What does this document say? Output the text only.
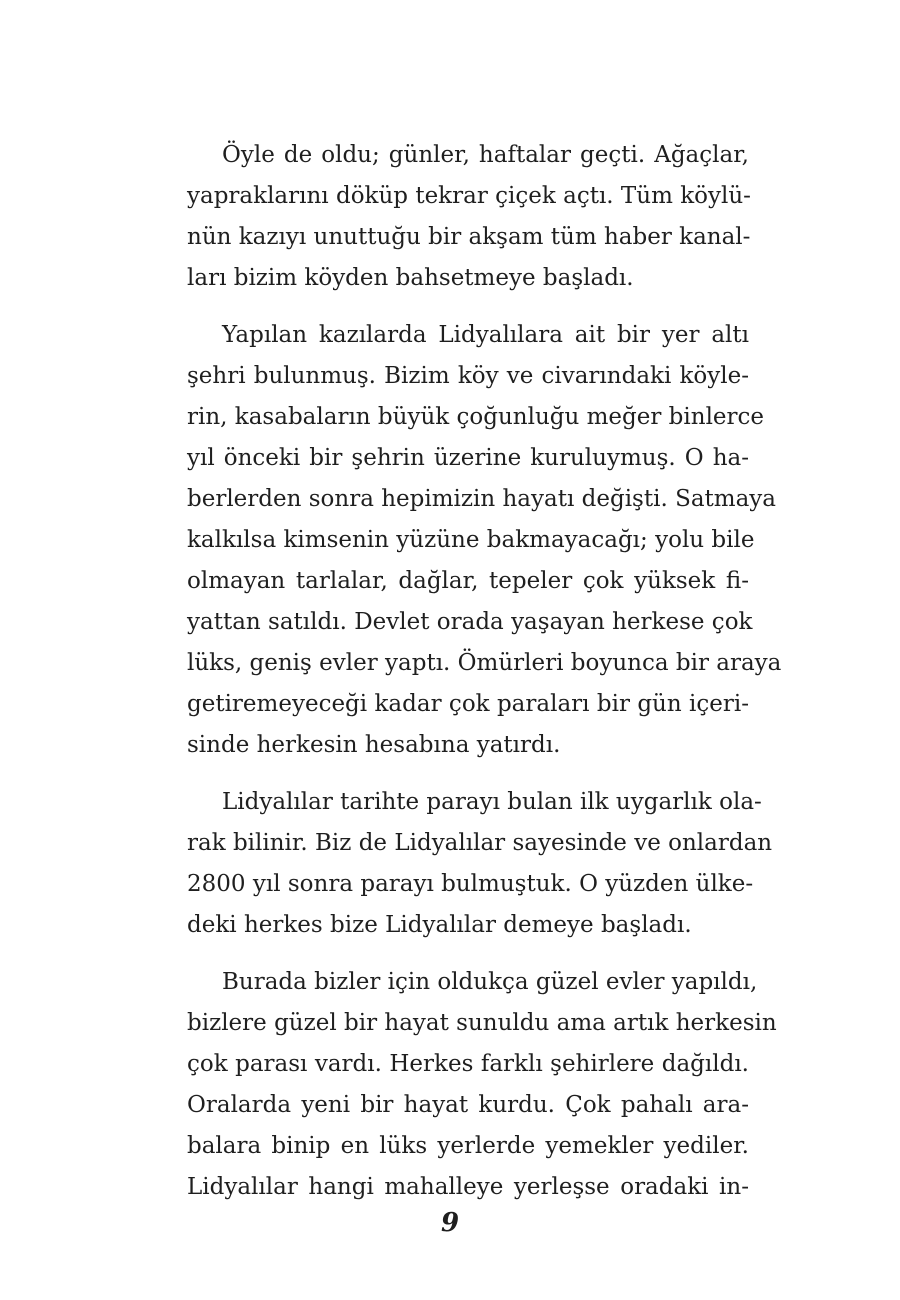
Öyle de oldu; günler, haftalar geçti. Ağaçlar,
yapraklarını döküp tekrar çiçek açtı. Tüm köylü-
nün kazıyı unuttuğu bir akşam tüm haber kanal-
ları bizim köyden bahsetmeye başladı.

Yapılan kazılarda Lidyalılara ait bir yer altı
şehri bulunmuş. Bizim köy ve civarındaki köyle-
rin, kasabaların büyük çoğunluğu meğer binlerce
yıl önceki bir şehrin üzerine kuruluymuş. O ha-
berlerden sonra hepimizin hayatı değişti. Satmaya
kalkılsa kimsenin yüzüne bakmayacağı; yolu bile
olmayan tarlalar, dağlar, tepeler çok yüksek fi-
yattan satıldı. Devlet orada yaşayan herkese çok
lüks, geniş evler yaptı. Ömürleri boyunca bir araya
getiremeyeceği kadar çok paraları bir gün içeri-
sinde herkesin hesabına yatırdı.

Lidyalılar tarihte parayı bulan ilk uygarlık ola-
rak bilinir. Biz de Lidyalılar sayesinde ve onlardan
2800 yıl sonra parayı bulmuştuk. O yüzden ülke-
deki herkes bize Lidyalılar demeye başladı.

Burada bizler için oldukça güzel evler yapıldı,
bizlere güzel bir hayat sunuldu ama artık herkesin
çok parası vardı. Herkes farklı şehirlere dağıldı.
Oralarda yeni bir hayat kurdu. Çok pahalı ara-
balara binip en lüks yerlerde yemekler yediler.
Lidyalılar hangi mahalleye yerleşse oradaki in-

9
